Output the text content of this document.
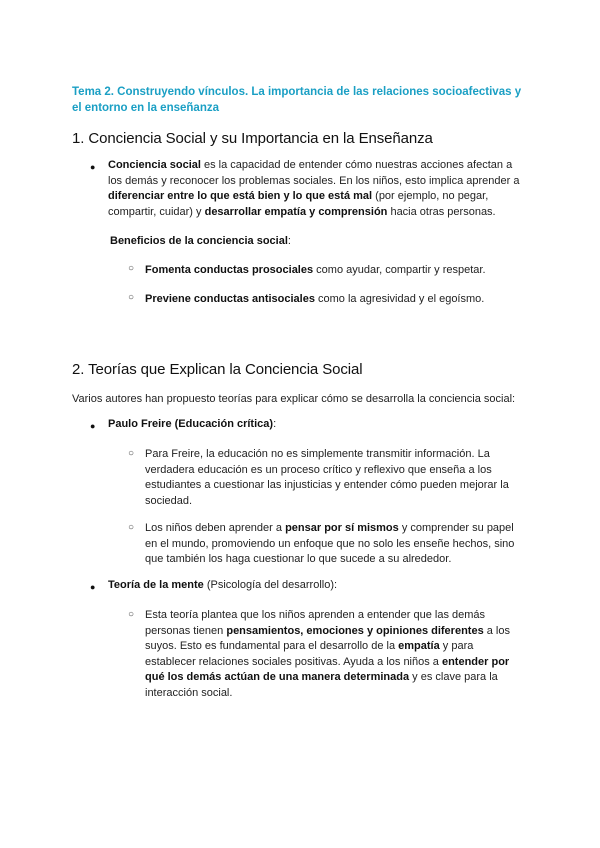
Tema 2. Construyendo vínculos. La importancia de las relaciones socioafectivas y el entorno en la enseñanza
1. Conciencia Social y su Importancia en la Enseñanza
● Conciencia social es la capacidad de entender cómo nuestras acciones afectan a los demás y reconocer los problemas sociales. En los niños, esto implica aprender a diferenciar entre lo que está bien y lo que está mal (por ejemplo, no pegar, compartir, cuidar) y desarrollar empatía y comprensión hacia otras personas.

Beneficios de la conciencia social:

○ Fomenta conductas prosociales como ayudar, compartir y respetar.

○ Previene conductas antisociales como la agresividad y el egoísmo.

2. Teorías que Explican la Conciencia Social

Varios autores han propuesto teorías para explicar cómo se desarrolla la conciencia social:

● Paulo Freire (Educación crítica):

○ Para Freire, la educación no es simplemente transmitir información. La verdadera educación es un proceso crítico y reflexivo que enseña a los estudiantes a cuestionar las injusticias y entender cómo pueden mejorar la sociedad.

○ Los niños deben aprender a pensar por sí mismos y comprender su papel en el mundo, promoviendo un enfoque que no solo les enseñe hechos, sino que también los haga cuestionar lo que sucede a su alrededor.

● Teoría de la mente (Psicología del desarrollo):

○ Esta teoría plantea que los niños aprenden a entender que las demás personas tienen pensamientos, emociones y opiniones diferentes a los suyos. Esto es fundamental para el desarrollo de la empatía y para establecer relaciones sociales positivas. Ayuda a los niños a entender por qué los demás actúan de una manera determinada y es clave para la interacción social.
